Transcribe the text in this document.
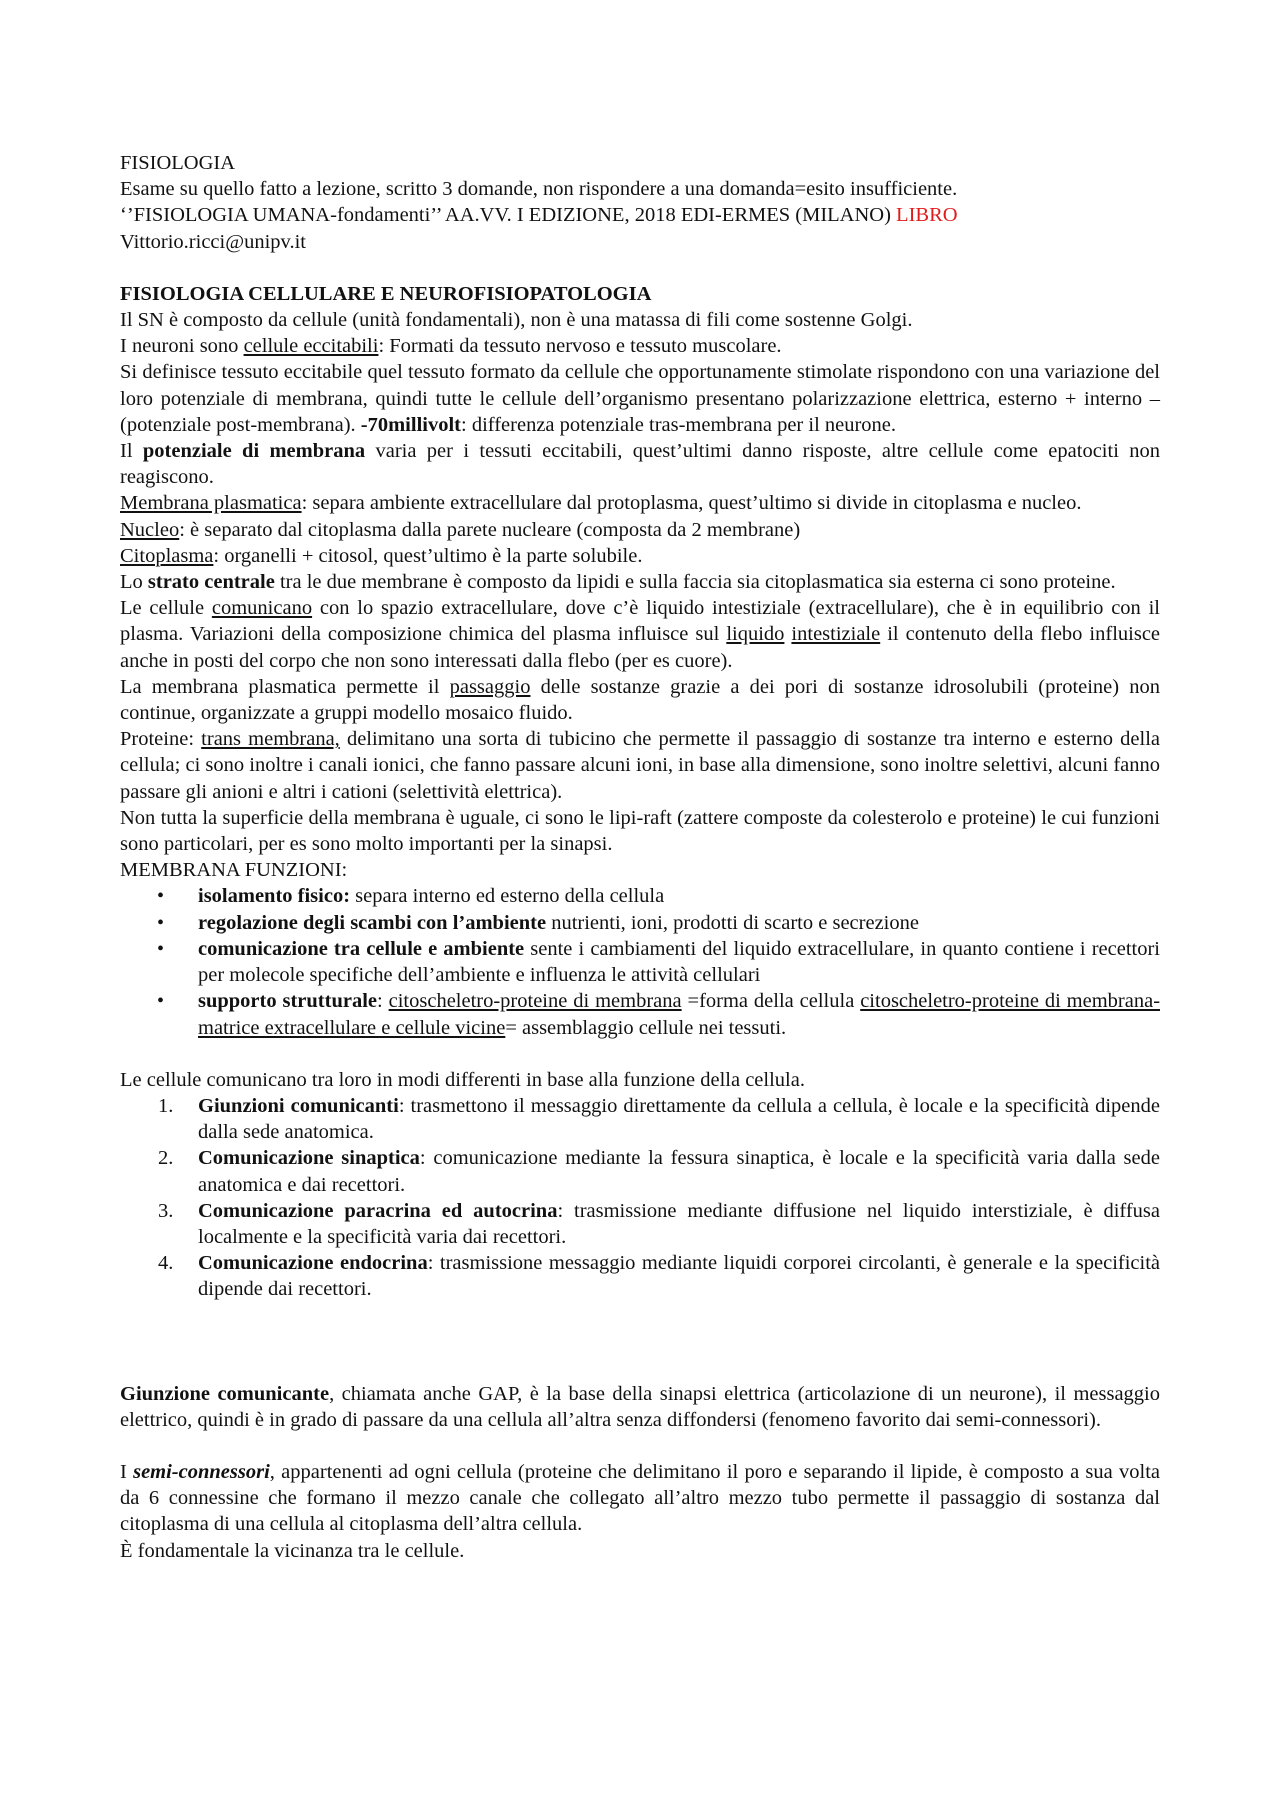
FISIOLOGIA

Esame su quello fatto a lezione, scritto 3 domande, non rispondere a una domanda=esito insufficiente.

‘’FISIOLOGIA UMANA-fondamenti’’ AA.VV. I EDIZIONE, 2018 EDI-ERMES (MILANO) LIBRO

Vittorio.ricci@unipv.it

FISIOLOGIA CELLULARE E NEUROFISIOPATOLOGIA

Il SN è composto da cellule (unità fondamentali), non è una matassa di fili come sostenne Golgi.

I neuroni sono cellule eccitabili: Formati da tessuto nervoso e tessuto muscolare.

Si definisce tessuto eccitabile quel tessuto formato da cellule che opportunamente stimolate rispondono con una variazione del loro potenziale di membrana, quindi tutte le cellule dell’organismo presentano polarizzazione elettrica, esterno + interno – (potenziale post-membrana). -70millivolt: differenza potenziale tras-membrana per il neurone.

Il potenziale di membrana varia per i tessuti eccitabili, quest’ultimi danno risposte, altre cellule come epatociti non reagiscono.

Membrana plasmatica: separa ambiente extracellulare dal protoplasma, quest’ultimo si divide in citoplasma e nucleo.

Nucleo: è separato dal citoplasma dalla parete nucleare (composta da 2 membrane)

Citoplasma: organelli + citosol, quest’ultimo è la parte solubile.

Lo strato centrale tra le due membrane è composto da lipidi e sulla faccia sia citoplasmatica sia esterna ci sono proteine.

Le cellule comunicano con lo spazio extracellulare, dove c’è liquido intestiziale (extracellulare), che è in equilibrio con il plasma. Variazioni della composizione chimica del plasma influisce sul liquido intestiziale il contenuto della flebo influisce anche in posti del corpo che non sono interessati dalla flebo (per es cuore).

La membrana plasmatica permette il passaggio delle sostanze grazie a dei pori di sostanze idrosolubili (proteine) non continue, organizzate a gruppi modello mosaico fluido.

Proteine: trans membrana, delimitano una sorta di tubicino che permette il passaggio di sostanze tra interno e esterno della cellula; ci sono inoltre i canali ionici, che fanno passare alcuni ioni, in base alla dimensione, sono inoltre selettivi, alcuni fanno passare gli anioni e altri i cationi (selettività elettrica).

Non tutta la superficie della membrana è uguale, ci sono le lipi-raft (zattere composte da colesterolo e proteine) le cui funzioni sono particolari, per es sono molto importanti per la sinapsi.

MEMBRANA FUNZIONI:

• isolamento fisico: separa interno ed esterno della cellula
• regolazione degli scambi con l’ambiente nutrienti, ioni, prodotti di scarto e secrezione
• comunicazione tra cellule e ambiente sente i cambiamenti del liquido extracellulare, in quanto contiene i recettori per molecole specifiche dell’ambiente e influenza le attività cellulari
• supporto strutturale: citoscheletro-proteine di membrana =forma della cellula citoscheletro-proteine di membrana- matrice extracellulare e cellule vicine= assemblaggio cellule nei tessuti.

Le cellule comunicano tra loro in modi differenti in base alla funzione della cellula.

1. Giunzioni comunicanti: trasmettono il messaggio direttamente da cellula a cellula, è locale e la specificità dipende dalla sede anatomica.
2. Comunicazione sinaptica: comunicazione mediante la fessura sinaptica, è locale e la specificità varia dalla sede anatomica e dai recettori.
3. Comunicazione paracrina ed autocrina: trasmissione mediante diffusione nel liquido interstiziale, è diffusa localmente e la specificità varia dai recettori.
4. Comunicazione endocrina: trasmissione messaggio mediante liquidi corporei circolanti, è generale e la specificità dipende dai recettori.

Giunzione comunicante, chiamata anche GAP, è la base della sinapsi elettrica (articolazione di un neurone), il messaggio elettrico, quindi è in grado di passare da una cellula all’altra senza diffondersi (fenomeno favorito dai semi-connessori).

I semi-connessori, appartenenti ad ogni cellula (proteine che delimitano il poro e separando il lipide, è composto a sua volta da 6 connessine che formano il mezzo canale che collegato all’altro mezzo tubo permette il passaggio di sostanza dal citoplasma di una cellula al citoplasma dell’altra cellula.

È fondamentale la vicinanza tra le cellule.
